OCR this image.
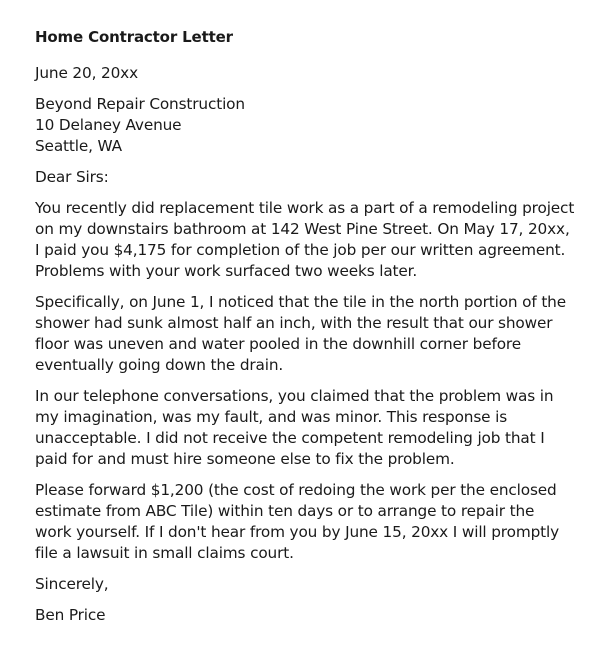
Home Contractor Letter
June 20, 20xx
Beyond Repair Construction
10 Delaney Avenue
Seattle, WA
Dear Sirs:
You recently did replacement tile work as a part of a remodeling project on my downstairs bathroom at 142 West Pine Street. On May 17, 20xx, I paid you $4,175 for completion of the job per our written agreement. Problems with your work surfaced two weeks later.
Specifically, on June 1, I noticed that the tile in the north portion of the shower had sunk almost half an inch, with the result that our shower floor was uneven and water pooled in the downhill corner before eventually going down the drain.
In our telephone conversations, you claimed that the problem was in my imagination, was my fault, and was minor. This response is unacceptable. I did not receive the competent remodeling job that I paid for and must hire someone else to fix the problem.
Please forward $1,200 (the cost of redoing the work per the enclosed estimate from ABC Tile) within ten days or to arrange to repair the work yourself. If I don't hear from you by June 15, 20xx I will promptly file a lawsuit in small claims court.
Sincerely,
Ben Price
